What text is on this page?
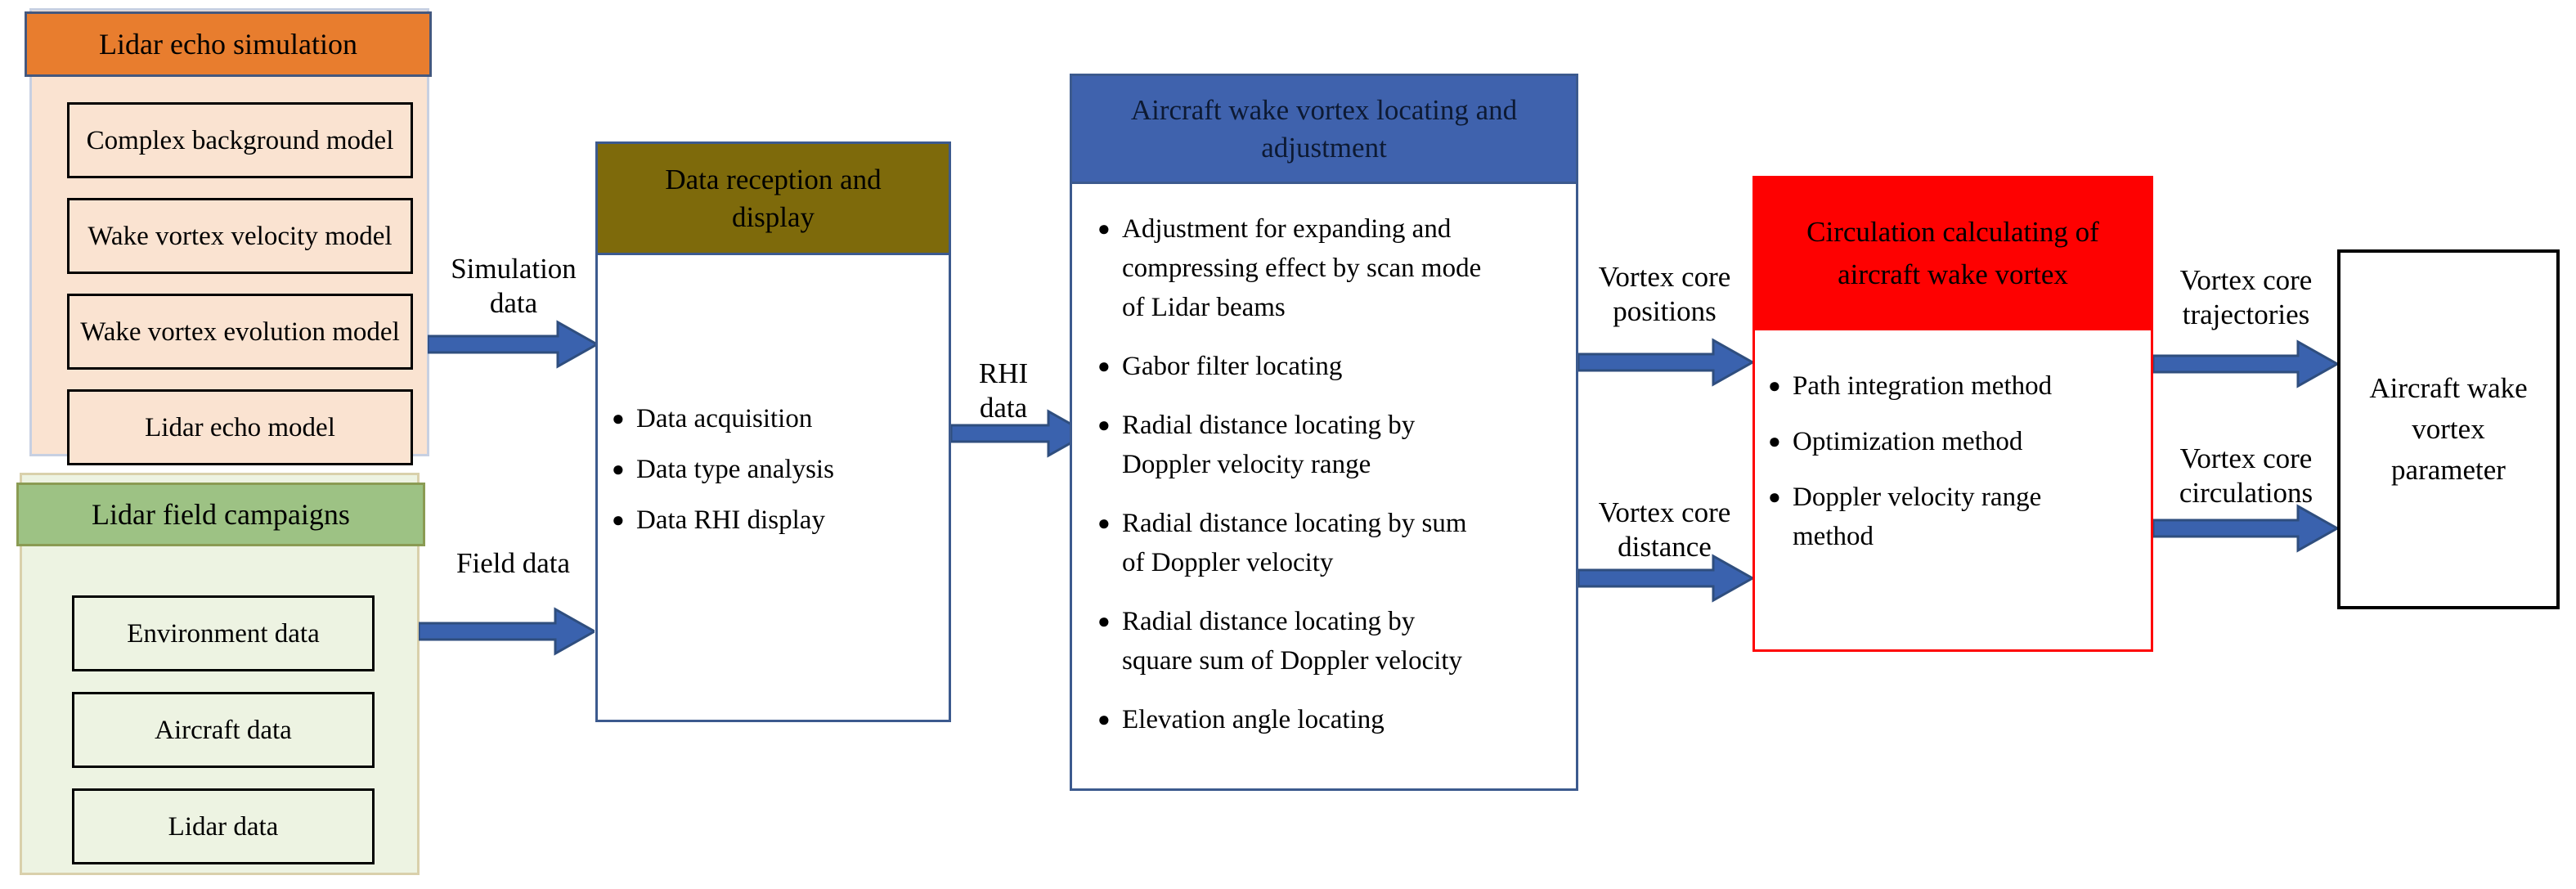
Lidar echo simulation
Complex background model
Wake vortex velocity model
Wake vortex evolution model
Lidar echo model
Lidar field campaigns
Environment data
Aircraft data
Lidar data
Simulation data
Field data
Data reception and display
● Data acquisition
● Data type analysis
● Data RHI display
RHI data
Aircraft wake vortex locating and adjustment
● Adjustment for expanding and compressing effect by scan mode of Lidar beams
● Gabor filter locating
● Radial distance locating by Doppler velocity range
● Radial distance locating by sum of Doppler velocity
● Radial distance locating by square sum of Doppler velocity
● Elevation angle locating
Vortex core positions
Vortex core distance
Circulation calculating of aircraft wake vortex
● Path integration method
● Optimization method
● Doppler velocity range method
Vortex core trajectories
Vortex core circulations
Aircraft wake vortex parameter
